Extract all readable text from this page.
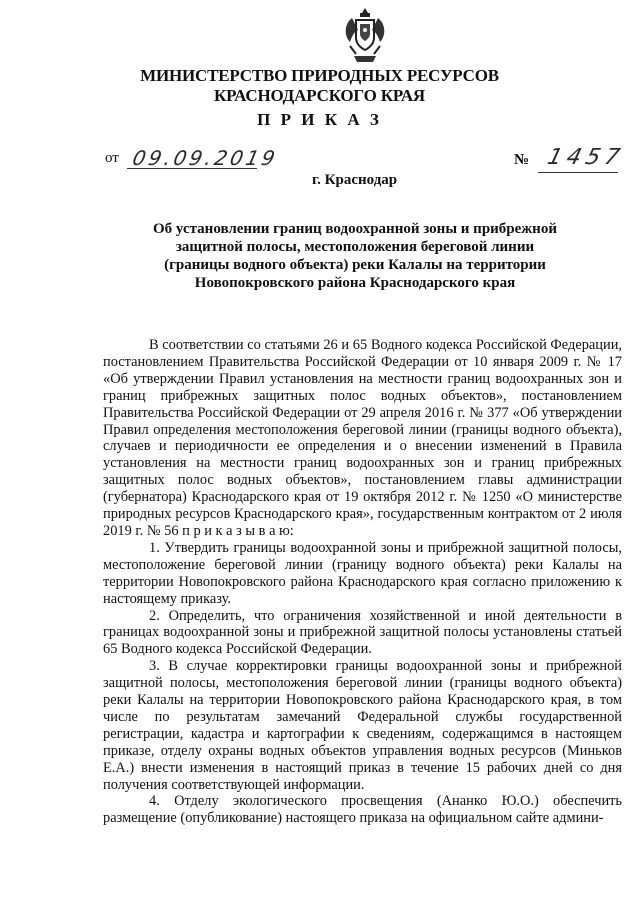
МИНИСТЕРСТВО ПРИРОДНЫХ РЕСУРСОВ
КРАСНОДАРСКОГО КРАЯ
П Р И К А З
от 09.09.2019	№ 1457
г. Краснодар
Об установлении границ водоохранной зоны и прибрежной защитной полосы, местоположения береговой линии (границы водного объекта) реки Калалы на территории Новопокровского района Краснодарского края

В соответствии со статьями 26 и 65 Водного кодекса Российской Федерации, постановлением Правительства Российской Федерации от 10 января 2009 г. № 17 «Об утверждении Правил установления на местности границ водоохранных зон и границ прибрежных защитных полос водных объектов», постановлением Правительства Российской Федерации от 29 апреля 2016 г. № 377 «Об утверждении Правил определения местоположения береговой линии (границы водного объекта), случаев и периодичности ее определения и о внесении изменений в Правила установления на местности границ водоохранных зон и границ прибрежных защитных полос водных объектов», постановлением главы администрации (губернатора) Краснодарского края от 19 октября 2012 г. № 1250 «О министерстве природных ресурсов Краснодарского края», государственным контрактом от 2 июля 2019 г. № 56 п р и к а з ы в а ю:

1. Утвердить границы водоохранной зоны и прибрежной защитной полосы, местоположение береговой линии (границу водного объекта) реки Калалы на территории Новопокровского района Краснодарского края согласно приложению к настоящему приказу.

2. Определить, что ограничения хозяйственной и иной деятельности в границах водоохранной зоны и прибрежной защитной полосы установлены статьей 65 Водного кодекса Российской Федерации.

3. В случае корректировки границы водоохранной зоны и прибрежной защитной полосы, местоположения береговой линии (границы водного объекта) реки Калалы на территории Новопокровского района Краснодарского края, в том числе по результатам замечаний Федеральной службы государственной регистрации, кадастра и картографии к сведениям, содержащимся в настоящем приказе, отделу охраны водных объектов управления водных ресурсов (Миньков Е.А.) внести изменения в настоящий приказ в течение 15 рабочих дней со дня получения соответствующей информации.

4. Отделу экологического просвещения (Ананко Ю.О.) обеспечить размещение (опубликование) настоящего приказа на официальном сайте админи-
